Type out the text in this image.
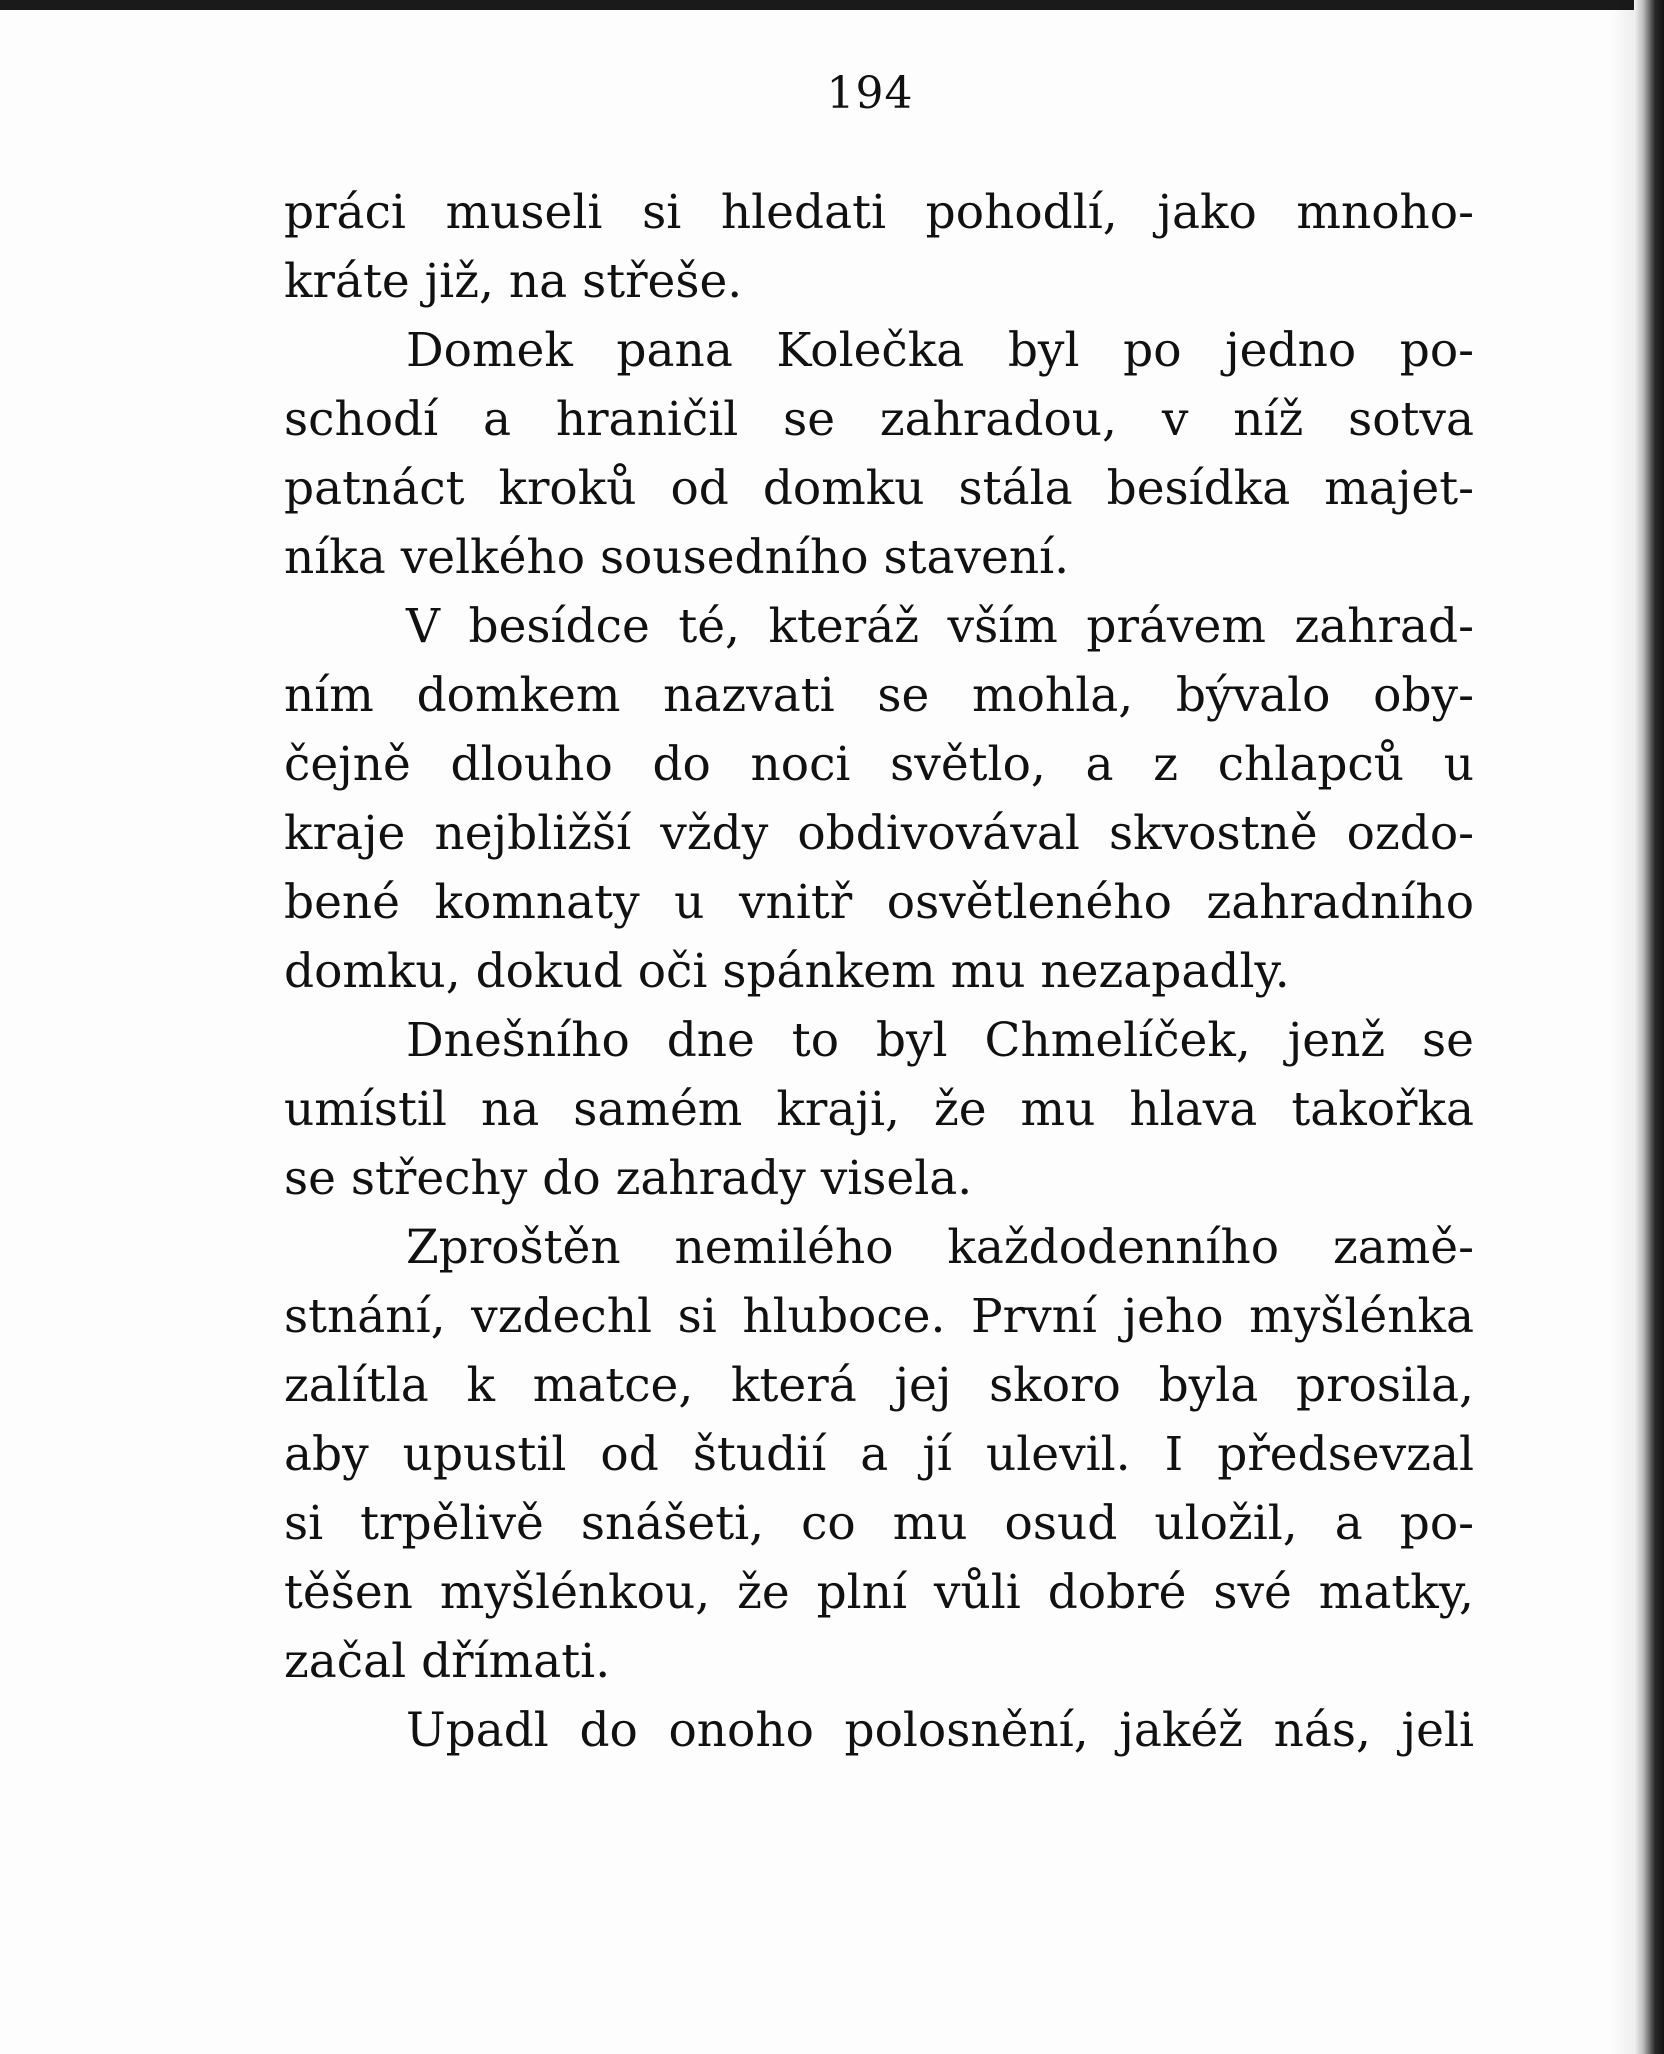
194
práci museli si hledati pohodlí, jako mnoho-
kráte již, na střeše.
Domek pana Kolečka byl po jedno po-
schodí a hraničil se zahradou, v níž sotva
patnáct kroků od domku stála besídka majet-
níka velkého sousedního stavení.
V besídce té, kteráž vším právem zahrad-
ním domkem nazvati se mohla, bývalo oby-
čejně dlouho do noci světlo, a z chlapců u
kraje nejbližší vždy obdivovával skvostně ozdo-
bené komnaty u vnitř osvětleného zahradního
domku, dokud oči spánkem mu nezapadly.
Dnešního dne to byl Chmelíček, jenž se
umístil na samém kraji, že mu hlava takořka
se střechy do zahrady visela.
Zproštěn nemilého každodenního zamě-
stnání, vzdechl si hluboce. První jeho myšlénka
zalítla k matce, která jej skoro byla prosila,
aby upustil od študií a jí ulevil. I předsevzal
si trpělivě snášeti, co mu osud uložil, a po-
těšen myšlénkou, že plní vůli dobré své matky,
začal dřímati.
Upadl do onoho polosnění, jakéž nás, jeli
